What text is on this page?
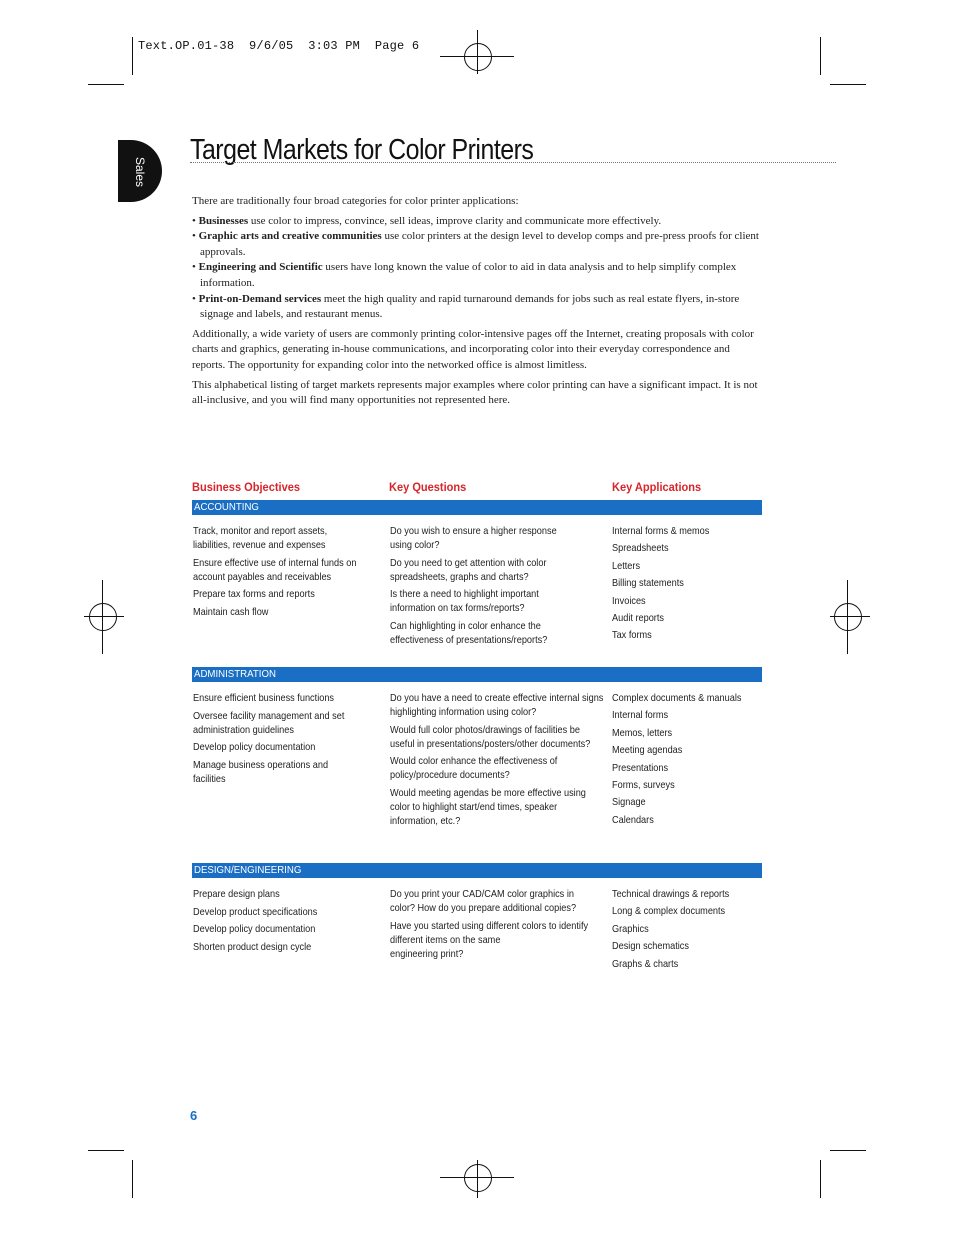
Text.OP.01-38  9/6/05  3:03 PM  Page 6
Sales
Target Markets for Color Printers

There are traditionally four broad categories for color printer applications:

• Businesses use color to impress, convince, sell ideas, improve clarity and communicate more effectively.
• Graphic arts and creative communities use color printers at the design level to develop comps and pre-press proofs for client approvals.
• Engineering and Scientific users have long known the value of color to aid in data analysis and to help simplify complex information.
• Print-on-Demand services meet the high quality and rapid turnaround demands for jobs such as real estate flyers, in-store signage and labels, and restaurant menus.

Additionally, a wide variety of users are commonly printing color-intensive pages off the Internet, creating proposals with color charts and graphics, generating in-house communications, and incorporating color into their everyday correspondence and reports. The opportunity for expanding color into the networked office is almost limitless.

This alphabetical listing of target markets represents major examples where color printing can have a significant impact. It is not all-inclusive, and you will find many opportunities not represented here.

Business Objectives	Key Questions	Key Applications
ACCOUNTING
Track, monitor and report assets,
liabilities, revenue and expenses
Ensure effective use of internal funds on
account payables and receivables
Prepare tax forms and reports
Maintain cash flow
Do you wish to ensure a higher response
using color?
Do you need to get attention with color
spreadsheets, graphs and charts?
Is there a need to highlight important
information on tax forms/reports?
Can highlighting in color enhance the
effectiveness of presentations/reports?
Internal forms & memos
Spreadsheets
Letters
Billing statements
Invoices
Audit reports
Tax forms
ADMINISTRATION
Ensure efficient business functions
Oversee facility management and set
administration guidelines
Develop policy documentation
Manage business operations and
facilities
Do you have a need to create effective internal signs
highlighting information using color?
Would full color photos/drawings of facilities be
useful in presentations/posters/other documents?
Would color enhance the effectiveness of
policy/procedure documents?
Would meeting agendas be more effective using
color to highlight start/end times, speaker
information, etc.?
Complex documents & manuals
Internal forms
Memos, letters
Meeting agendas
Presentations
Forms, surveys
Signage
Calendars
DESIGN/ENGINEERING
Prepare design plans
Develop product specifications
Develop policy documentation
Shorten product design cycle
Do you print your CAD/CAM color graphics in
color? How do you prepare additional copies?
Have you started using different colors to identify
different items on the same
engineering print?
Technical drawings & reports
Long & complex documents
Graphics
Design schematics
Graphs & charts
6
